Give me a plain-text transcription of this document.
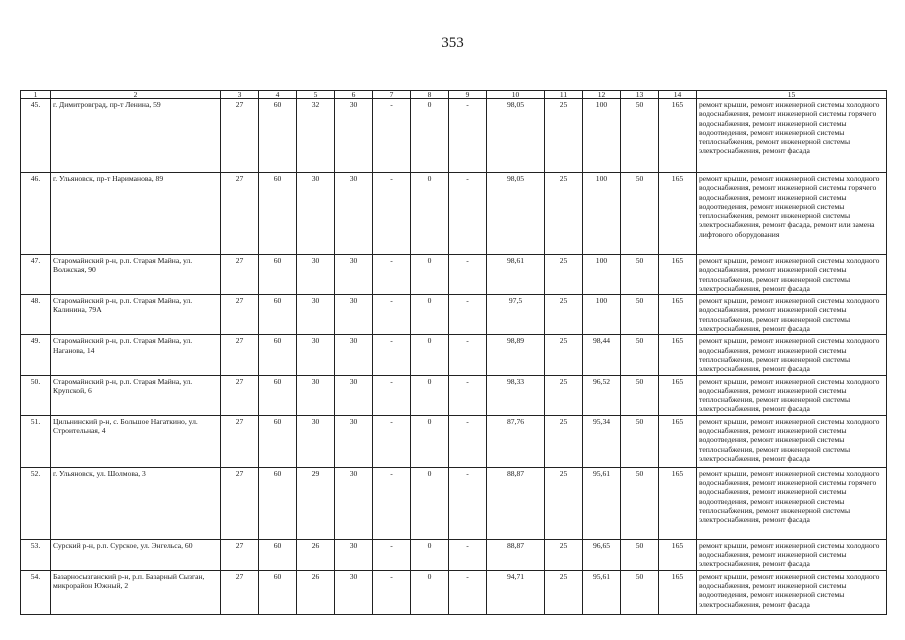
353
1	2	3	4	5	6	7	8	9	10	11	12	13	14	15
45.	г. Димитровград, пр-т Ленина, 59	27	60	32	30	-	0	-	98,05	25	100	50	165	ремонт крыши, ремонт инженерной системы холодного водоснабжения, ремонт инженерной системы горячего водоснабжения, ремонт инженерной системы водоотведения, ремонт инженерной системы теплоснабжения, ремонт инженерной системы электроснабжения, ремонт фасада
46.	г. Ульяновск, пр-т Нариманова, 89	27	60	30	30	-	0	-	98,05	25	100	50	165	ремонт крыши, ремонт инженерной системы холодного водоснабжения, ремонт инженерной системы горячего водоснабжения, ремонт инженерной системы водоотведения, ремонт инженерной системы теплоснабжения, ремонт инженерной системы электроснабжения, ремонт фасада, ремонт или замена лифтового оборудования
47.	Старомайнский р-н, р.п. Старая Майна, ул. Волжская, 90	27	60	30	30	-	0	-	98,61	25	100	50	165	ремонт крыши, ремонт инженерной системы холодного водоснабжения, ремонт инженерной системы теплоснабжения, ремонт инженерной системы электроснабжения, ремонт фасада
48.	Старомайнский р-н, р.п. Старая Майна, ул. Калинина, 79А	27	60	30	30	-	0	-	97,5	25	100	50	165	ремонт крыши, ремонт инженерной системы холодного водоснабжения, ремонт инженерной системы теплоснабжения, ремонт инженерной системы электроснабжения, ремонт фасада
49.	Старомайнский р-н, р.п. Старая Майна, ул. Наганова, 14	27	60	30	30	-	0	-	98,89	25	98,44	50	165	ремонт крыши, ремонт инженерной системы холодного водоснабжения, ремонт инженерной системы теплоснабжения, ремонт инженерной системы электроснабжения, ремонт фасада
50.	Старомайнский р-н, р.п. Старая Майна, ул. Крупской, 6	27	60	30	30	-	0	-	98,33	25	96,52	50	165	ремонт крыши, ремонт инженерной системы холодного водоснабжения, ремонт инженерной системы теплоснабжения, ремонт инженерной системы электроснабжения, ремонт фасада
51.	Цильнинский р-н, с. Большое Нагаткино, ул. Строительная, 4	27	60	30	30	-	0	-	87,76	25	95,34	50	165	ремонт крыши, ремонт инженерной системы холодного водоснабжения, ремонт инженерной системы водоотведения, ремонт инженерной системы теплоснабжения, ремонт инженерной системы электроснабжения, ремонт фасада
52.	г. Ульяновск, ул. Шолмова, 3	27	60	29	30	-	0	-	88,87	25	95,61	50	165	ремонт крыши, ремонт инженерной системы холодного водоснабжения, ремонт инженерной системы горячего водоснабжения, ремонт инженерной системы водоотведения, ремонт инженерной системы теплоснабжения, ремонт инженерной системы электроснабжения, ремонт фасада
53.	Сурский р-н, р.п. Сурское, ул. Энгельса, 60	27	60	26	30	-	0	-	88,87	25	96,65	50	165	ремонт крыши, ремонт инженерной системы холодного водоснабжения, ремонт инженерной системы электроснабжения, ремонт фасада
54.	Базарносызганский р-н, р.п. Базарный Сызган, микрорайон Южный, 2	27	60	26	30	-	0	-	94,71	25	95,61	50	165	ремонт крыши, ремонт инженерной системы холодного водоснабжения, ремонт инженерной системы водоотведения, ремонт инженерной системы электроснабжения, ремонт фасада
